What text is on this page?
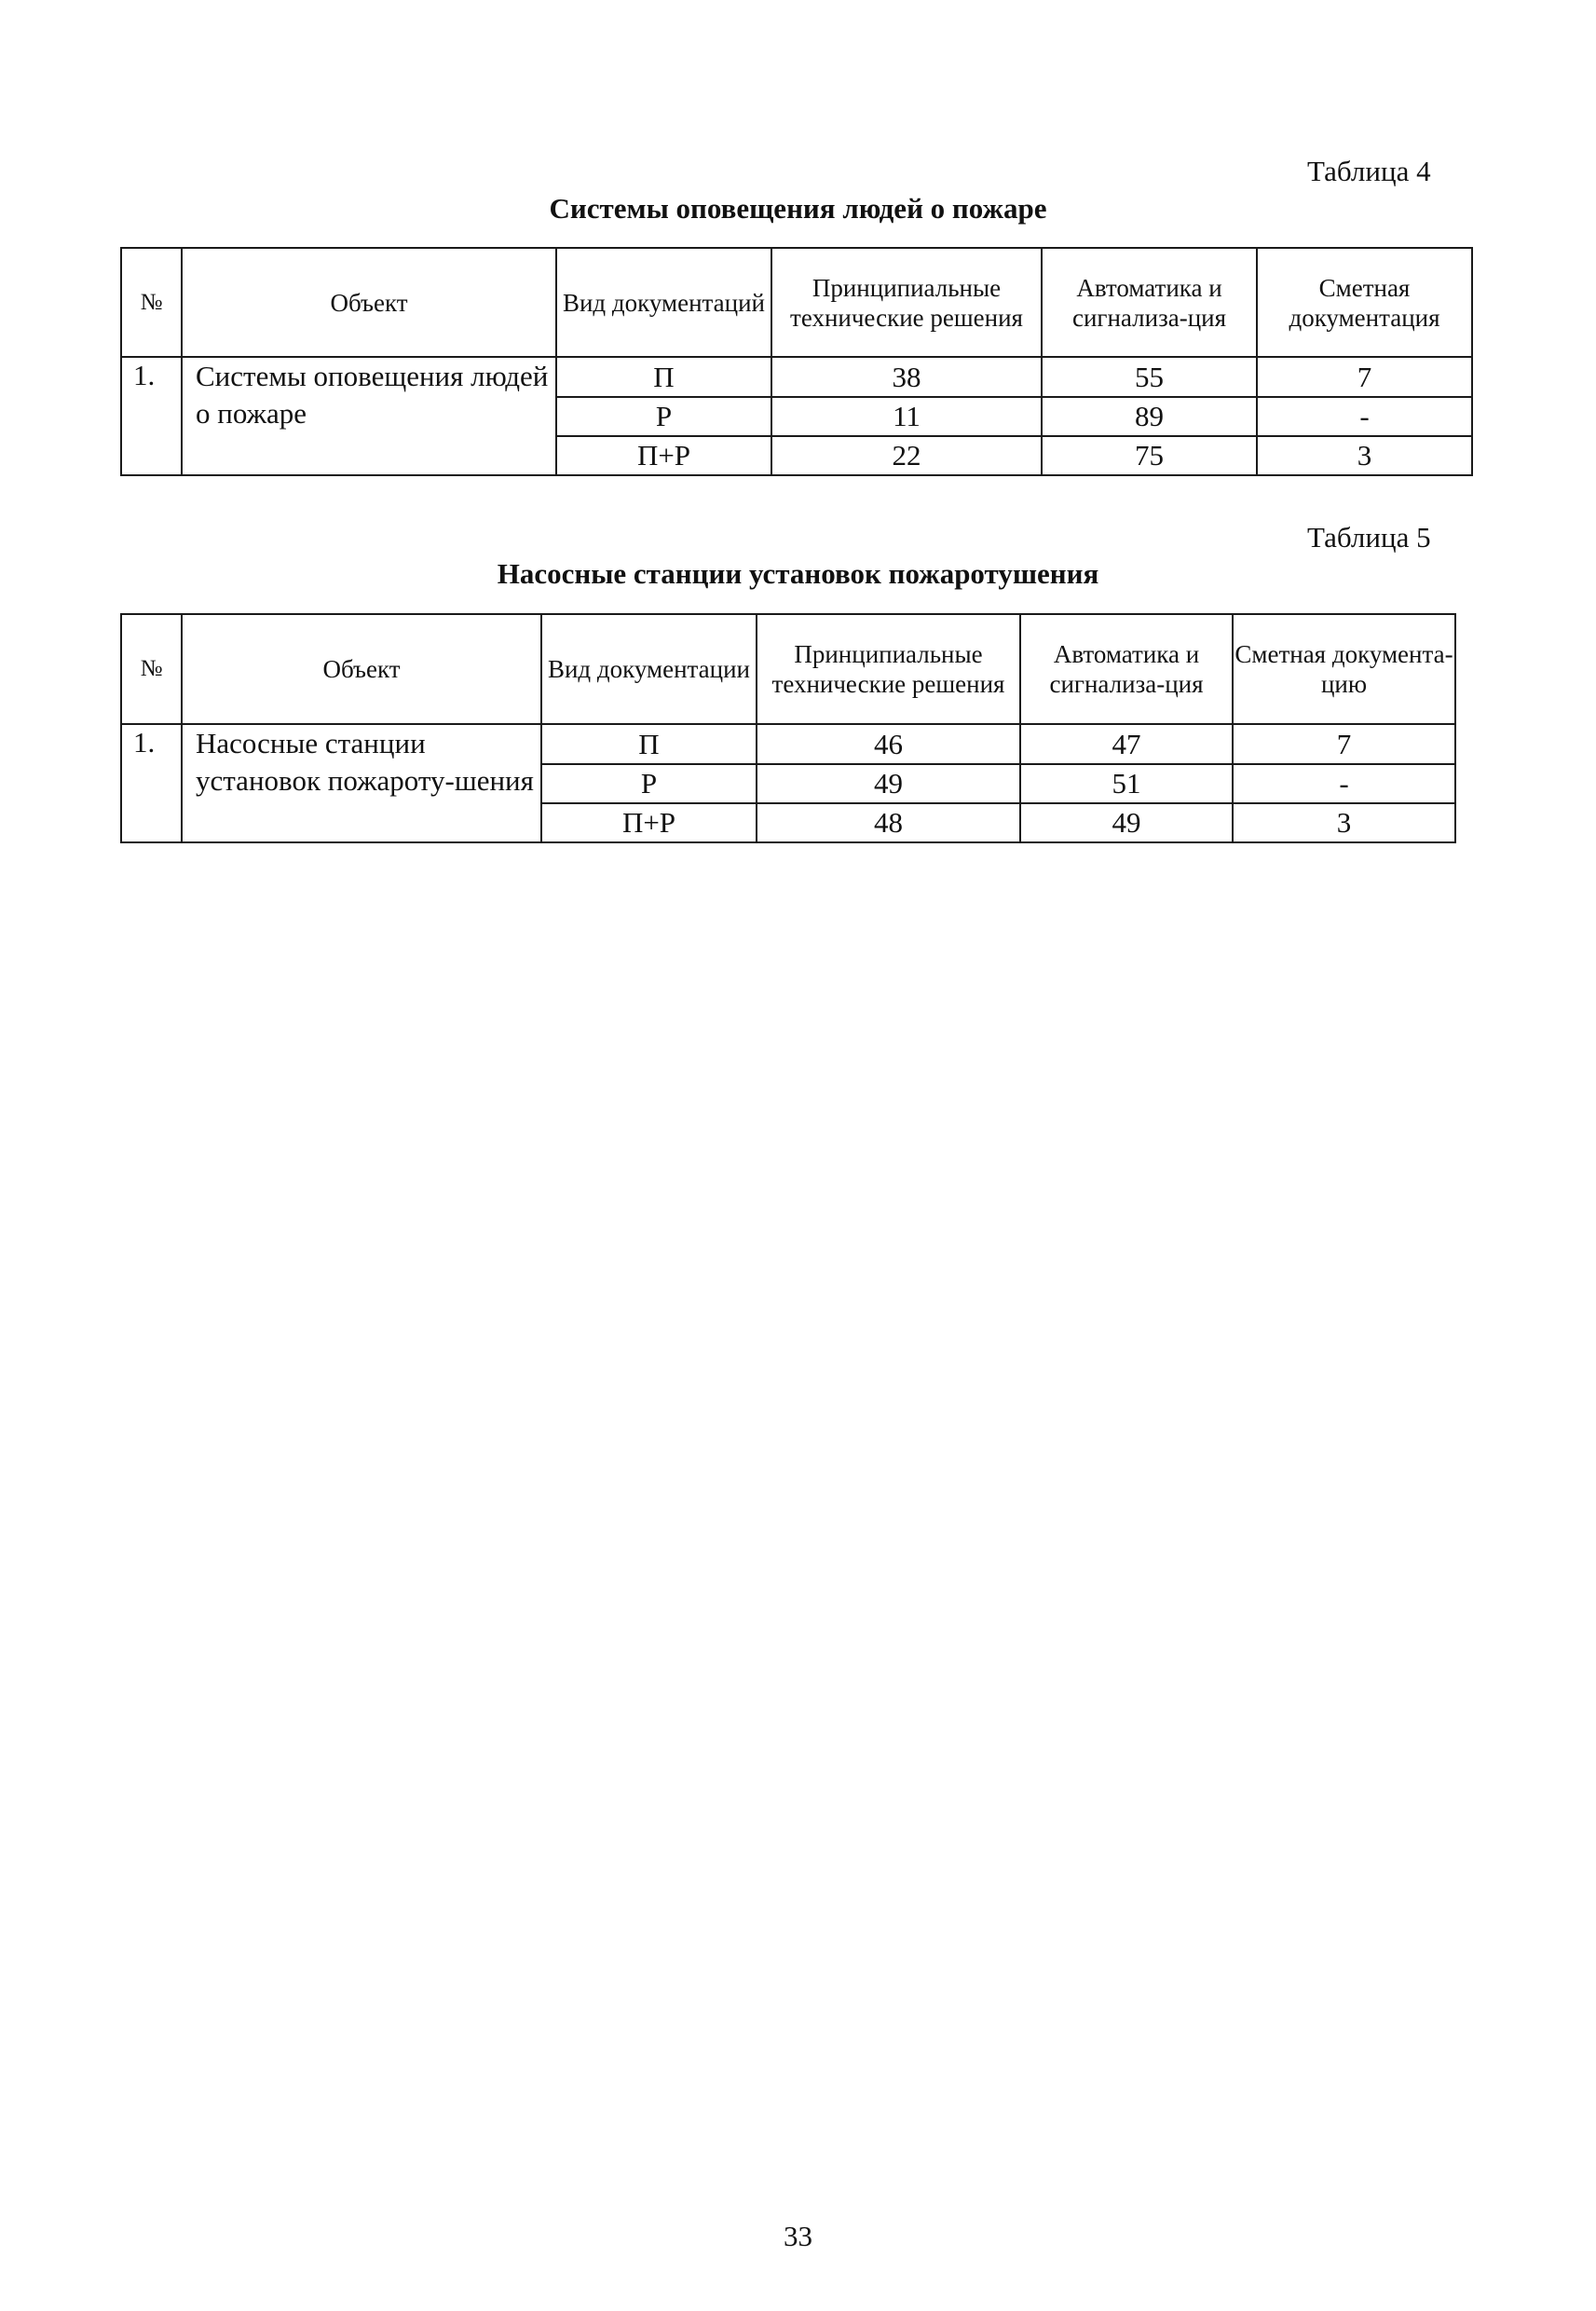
Таблица 4
Системы оповещения людей о пожаре
№	Объект	Вид документаций	Принципиальные технические решения	Автоматика и сигнализа-ция	Сметная документация
1.	Системы оповещения людей о пожаре	П	38	55	7
		Р	11	89	-
		П+Р	22	75	3
Таблица 5
Насосные станции установок пожаротушения
№	Объект	Вид документации	Принципиальные технические решения	Автоматика и сигнализа-ция	Сметная документа-цию
1.	Насосные станции установок пожароту-шения	П	46	47	7
		Р	49	51	-
		П+Р	48	49	3
33
